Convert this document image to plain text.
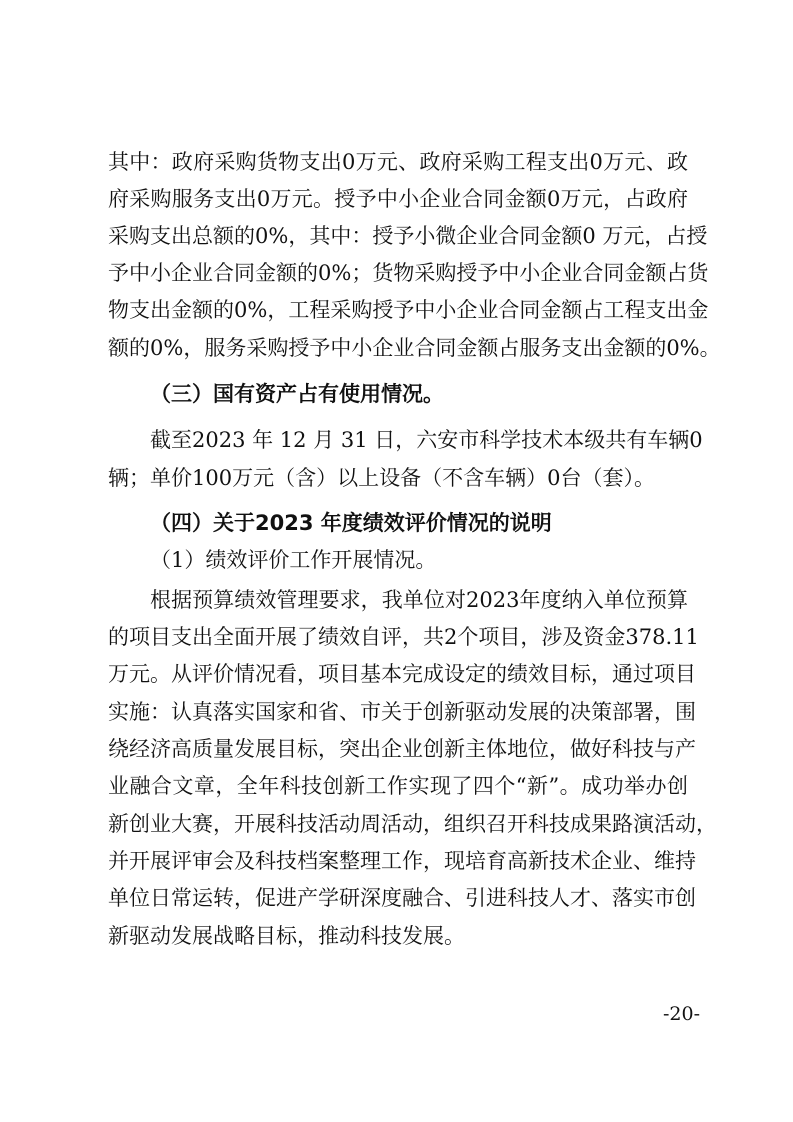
其中：政府采购货物支出0万元、政府采购工程支出0万元、政
府采购服务支出0万元。授予中小企业合同金额0万元，占政府
采购支出总额的0%，其中：授予小微企业合同金额0 万元，占授
予中小企业合同金额的0%；货物采购授予中小企业合同金额占货
物支出金额的0%，工程采购授予中小企业合同金额占工程支出金
额的0%，服务采购授予中小企业合同金额占服务支出金额的0%。
（三）国有资产占有使用情况。
截至2023 年 12 月 31 日，六安市科学技术本级共有车辆0
辆；单价100万元（含）以上设备（不含车辆）0台（套）。
（四）关于2023 年度绩效评价情况的说明
（1）绩效评价工作开展情况。
根据预算绩效管理要求，我单位对2023年度纳入单位预算
的项目支出全面开展了绩效自评，共2个项目，涉及资金378.11
万元。从评价情况看，项目基本完成设定的绩效目标，通过项目
实施：认真落实国家和省、市关于创新驱动发展的决策部署，围
绕经济高质量发展目标，突出企业创新主体地位，做好科技与产
业融合文章，全年科技创新工作实现了四个“新”。成功举办创
新创业大赛，开展科技活动周活动，组织召开科技成果路演活动，
并开展评审会及科技档案整理工作，现培育高新技术企业、维持
单位日常运转，促进产学研深度融合、引进科技人才、落实市创
新驱动发展战略目标，推动科技发展。
-20-
